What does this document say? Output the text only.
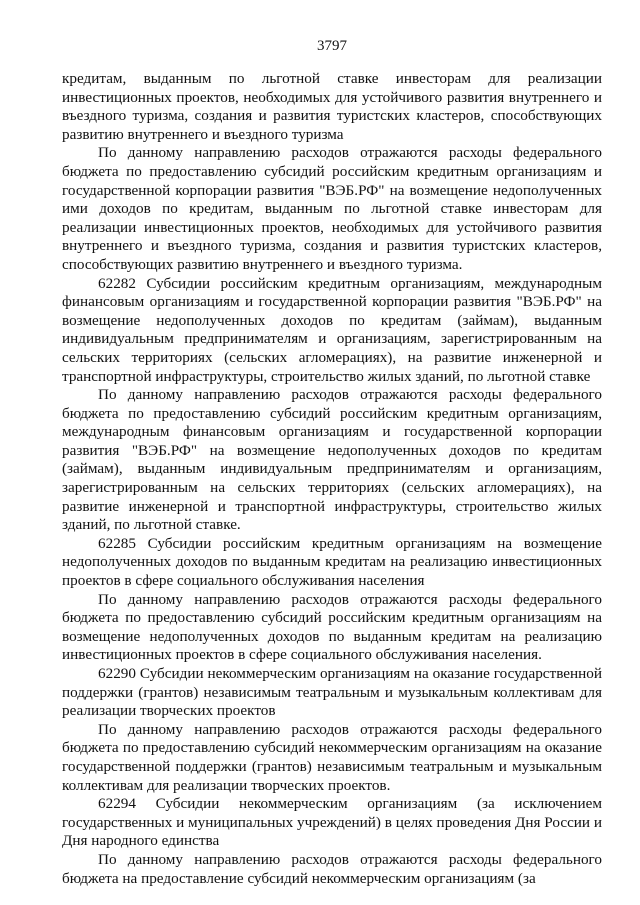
3797

кредитам, выданным по льготной ставке инвесторам для реализации инвестиционных проектов, необходимых для устойчивого развития внутреннего и въездного туризма, создания и развития туристских кластеров, способствующих развитию внутреннего и въездного туризма

По данному направлению расходов отражаются расходы федерального бюджета по предоставлению субсидий российским кредитным организациям и государственной корпорации развития "ВЭБ.РФ" на возмещение недополученных ими доходов по кредитам, выданным по льготной ставке инвесторам для реализации инвестиционных проектов, необходимых для устойчивого развития внутреннего и въездного туризма, создания и развития туристских кластеров, способствующих развитию внутреннего и въездного туризма.

62282 Субсидии российским кредитным организациям, международным финансовым организациям и государственной корпорации развития "ВЭБ.РФ" на возмещение недополученных доходов по кредитам (займам), выданным индивидуальным предпринимателям и организациям, зарегистрированным на сельских территориях (сельских агломерациях), на развитие инженерной и транспортной инфраструктуры, строительство жилых зданий, по льготной ставке

По данному направлению расходов отражаются расходы федерального бюджета по предоставлению субсидий российским кредитным организациям, международным финансовым организациям и государственной корпорации развития "ВЭБ.РФ" на возмещение недополученных доходов по кредитам (займам), выданным индивидуальным предпринимателям и организациям, зарегистрированным на сельских территориях (сельских агломерациях), на развитие инженерной и транспортной инфраструктуры, строительство жилых зданий, по льготной ставке.

62285 Субсидии российским кредитным организациям на возмещение недополученных доходов по выданным кредитам на реализацию инвестиционных проектов в сфере социального обслуживания населения

По данному направлению расходов отражаются расходы федерального бюджета по предоставлению субсидий российским кредитным организациям на возмещение недополученных доходов по выданным кредитам на реализацию инвестиционных проектов в сфере социального обслуживания населения.

62290 Субсидии некоммерческим организациям на оказание государственной поддержки (грантов) независимым театральным и музыкальным коллективам для реализации творческих проектов

По данному направлению расходов отражаются расходы федерального бюджета по предоставлению субсидий некоммерческим организациям на оказание государственной поддержки (грантов) независимым театральным и музыкальным коллективам для реализации творческих проектов.

62294 Субсидии некоммерческим организациям (за исключением государственных и муниципальных учреждений) в целях проведения Дня России и Дня народного единства

По данному направлению расходов отражаются расходы федерального бюджета на предоставление субсидий некоммерческим организациям (за
